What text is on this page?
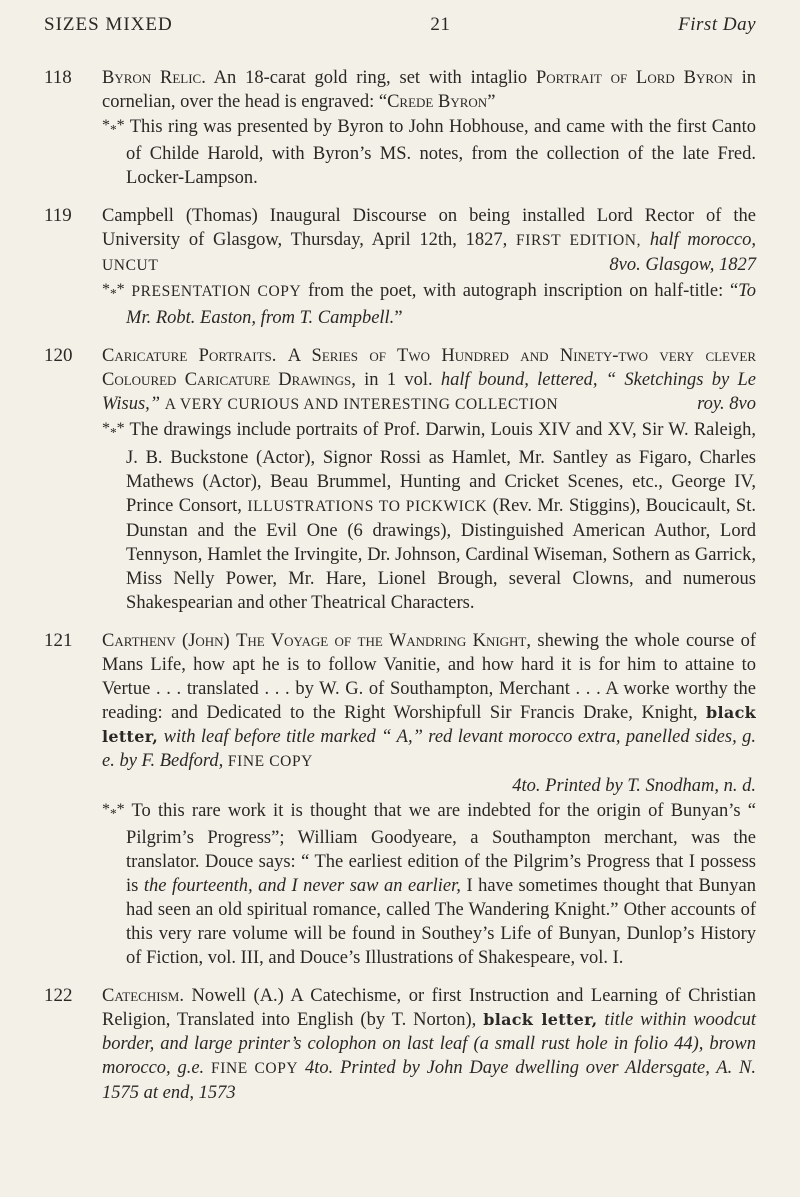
SIZES MIXED	21	First Day
118	Byron Relic. An 18-carat gold ring, set with intaglio Portrait of Lord Byron in cornelian, over the head is engraved: “Crede Byron”

$*_**$ This ring was presented by Byron to John Hobhouse, and came with the first Canto of Childe Harold, with Byron’s MS. notes, from the collection of the late Fred. Locker-Lampson.

119	Campbell (Thomas) Inaugural Discourse on being installed Lord Rector of the University of Glasgow, Thursday, April 12th, 1827, FIRST EDITION, half morocco, UNCUT	8vo. Glasgow, 1827

$*_**$ PRESENTATION COPY from the poet, with autograph inscription on half-title: “To Mr. Robt. Easton, from T. Campbell.”

120	Caricature Portraits. A Series of Two Hundred and Ninety-two very clever Coloured Caricature Drawings, in 1 vol. half bound, lettered, “ Sketchings by Le Wisus,” A VERY CURIOUS AND INTERESTING COLLECTION	roy. 8vo

$*_**$ The drawings include portraits of Prof. Darwin, Louis XIV and XV, Sir W. Raleigh, J. B. Buckstone (Actor), Signor Rossi as Hamlet, Mr. Santley as Figaro, Charles Mathews (Actor), Beau Brummel, Hunting and Cricket Scenes, etc., George IV, Prince Consort, ILLUSTRATIONS TO PICKWICK (Rev. Mr. Stiggins), Boucicault, St. Dunstan and the Evil One (6 drawings), Distinguished American Author, Lord Tennyson, Hamlet the Irvingite, Dr. Johnson, Cardinal Wiseman, Sothern as Garrick, Miss Nelly Power, Mr. Hare, Lionel Brough, several Clowns, and numerous Shakespearian and other Theatrical Characters.

121	Carthenv (John) The Voyage of the Wandring Knight, shewing the whole course of Mans Life, how apt he is to follow Vanitie, and how hard it is for him to attaine to Vertue . . . translated . . . by W. G. of Southampton, Merchant . . . A worke worthy the reading: and Dedicated to the Right Worshipfull Sir Francis Drake, Knight, black letter, with leaf before title marked “ A,” red levant morocco extra, panelled sides, g. e. by F. Bedford, FINE COPY

4to. Printed by T. Snodham, n. d.

$*_**$ To this rare work it is thought that we are indebted for the origin of Bunyan’s “ Pilgrim’s Progress”; William Goodyeare, a Southampton merchant, was the translator. Douce says: “ The earliest edition of the Pilgrim’s Progress that I possess is the fourteenth, and I never saw an earlier, I have sometimes thought that Bunyan had seen an old spiritual romance, called The Wandering Knight.” Other accounts of this very rare volume will be found in Southey’s Life of Bunyan, Dunlop’s History of Fiction, vol. III, and Douce’s Illustrations of Shakespeare, vol. I.

122	Catechism. Nowell (A.) A Catechisme, or first Instruction and Learning of Christian Religion, Translated into English (by T. Norton), black letter, title within woodcut border, and large printer’s colophon on last leaf (a small rust hole in folio 44), brown morocco, g.e. FINE COPY 4to. Printed by John Daye dwelling over Aldersgate, A. N. 1575 at end, 1573
